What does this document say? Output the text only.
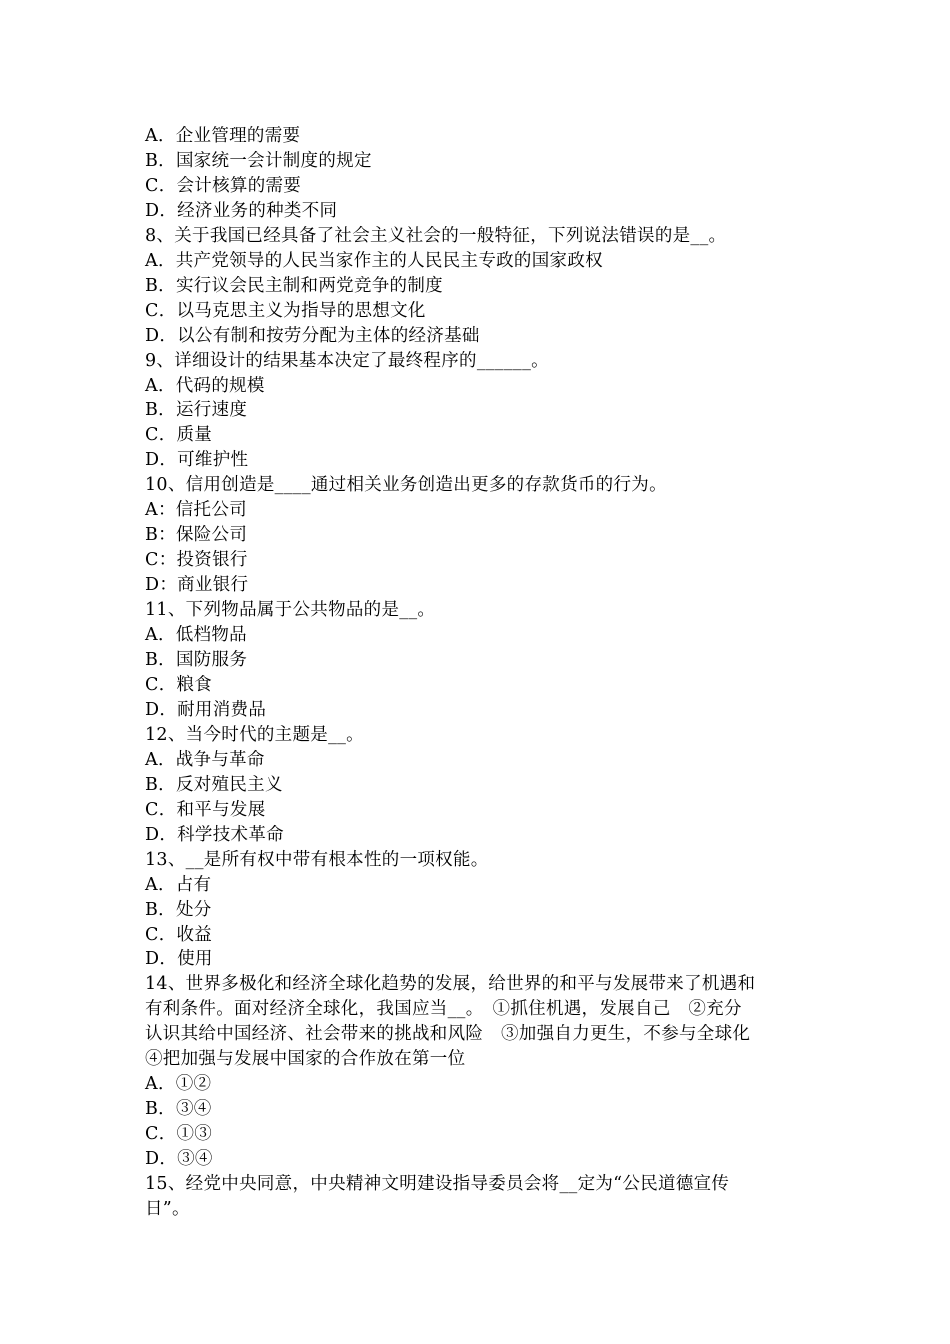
A．企业管理的需要
B．国家统一会计制度的规定
C．会计核算的需要
D．经济业务的种类不同
8、关于我国已经具备了社会主义社会的一般特征，下列说法错误的是__。
A．共产党领导的人民当家作主的人民民主专政的国家政权
B．实行议会民主制和两党竞争的制度
C．以马克思主义为指导的思想文化
D．以公有制和按劳分配为主体的经济基础
9、详细设计的结果基本决定了最终程序的______。
A．代码的规模
B．运行速度
C．质量
D．可维护性
10、信用创造是____通过相关业务创造出更多的存款货币的行为。
A：信托公司
B：保险公司
C：投资银行
D：商业银行
11、下列物品属于公共物品的是__。
A．低档物品
B．国防服务
C．粮食
D．耐用消费品
12、当今时代的主题是__。
A．战争与革命
B．反对殖民主义
C．和平与发展
D．科学技术革命
13、__是所有权中带有根本性的一项权能。
A．占有
B．处分
C．收益
D．使用
14、世界多极化和经济全球化趋势的发展，给世界的和平与发展带来了机遇和
有利条件。面对经济全球化，我国应当__。　①抓住机遇，发展自己　②充分
认识其给中国经济、社会带来的挑战和风险　③加强自力更生，不参与全球化
④把加强与发展中国家的合作放在第一位
A．①②
B．③④
C．①③
D．③④
15、经党中央同意，中央精神文明建设指导委员会将__定为“公民道德宣传
日”。
